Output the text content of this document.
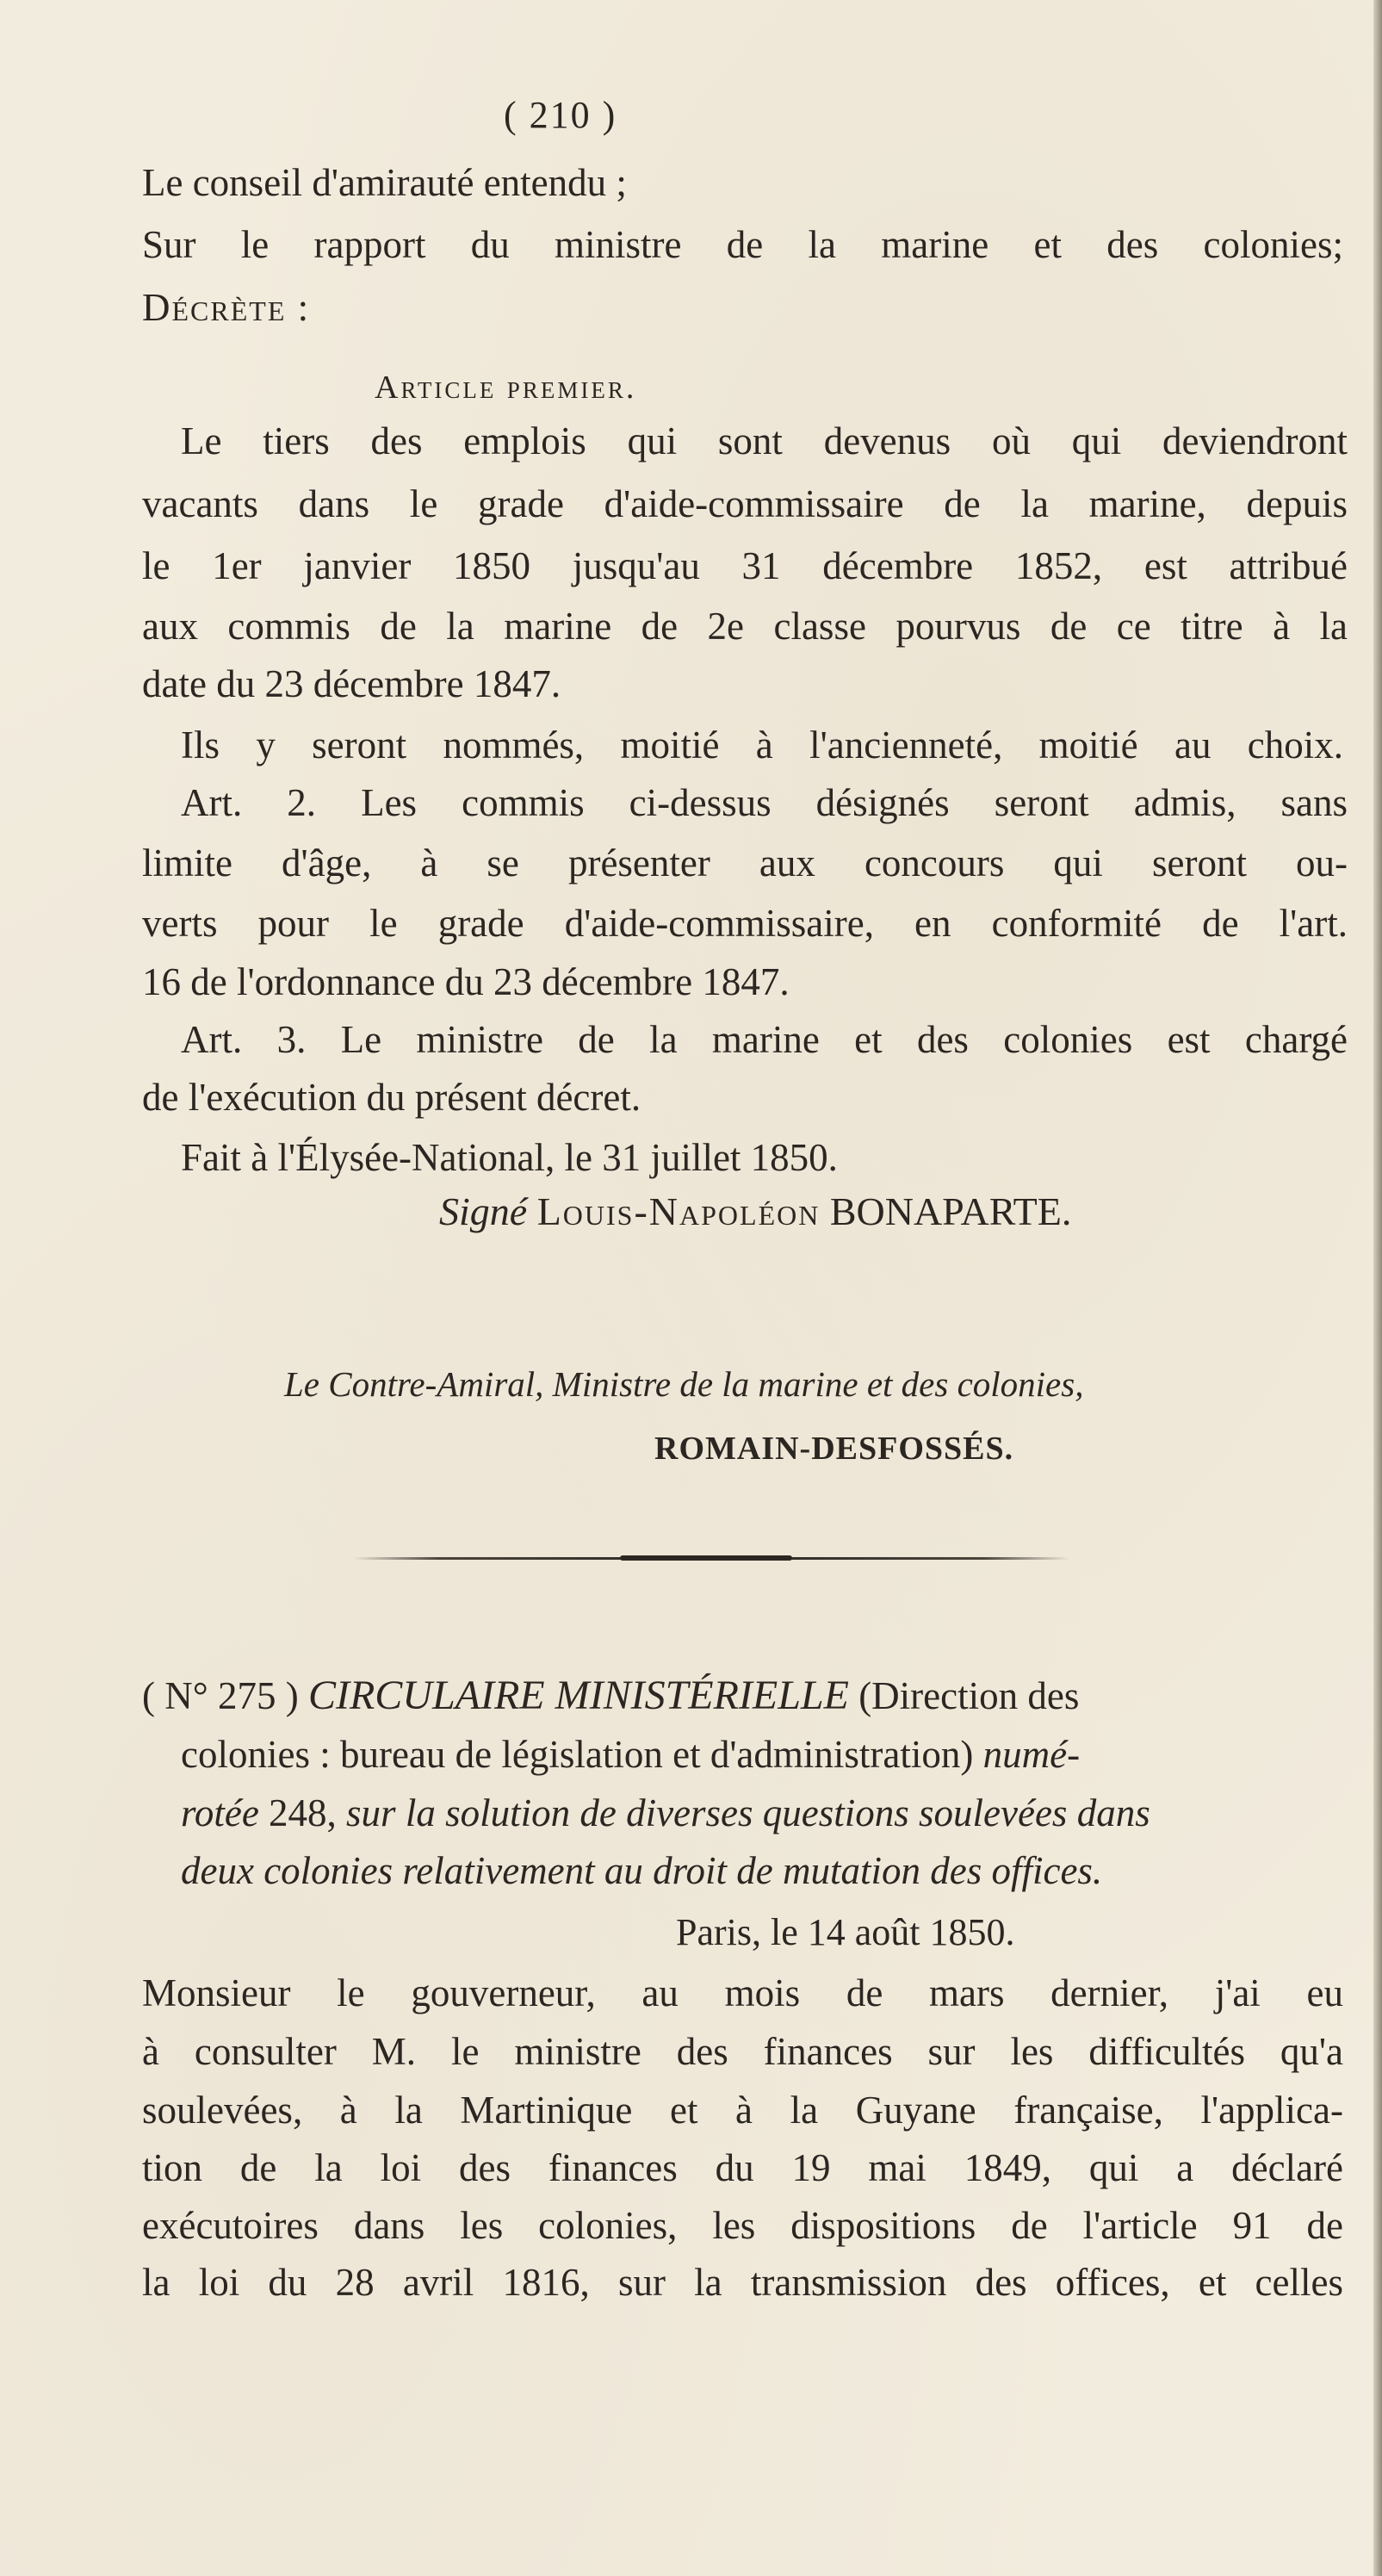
( 210 )
Le conseil d'amirauté entendu ;
Sur le rapport du ministre de la marine et des colonies;
Décrète :
Article premier.
Le tiers des emplois qui sont devenus où qui deviendront
vacants dans le grade d'aide-commissaire de la marine, depuis
le 1er janvier 1850 jusqu'au 31 décembre 1852, est attribué
aux commis de la marine de 2e classe pourvus de ce titre à la
date du 23 décembre 1847.
Ils y seront nommés, moitié à l'ancienneté, moitié au choix.
Art. 2. Les commis ci-dessus désignés seront admis, sans
limite d'âge, à se présenter aux concours qui seront ou-
verts pour le grade d'aide-commissaire, en conformité de l'art.
16 de l'ordonnance du 23 décembre 1847.
Art. 3. Le ministre de la marine et des colonies est chargé
de l'exécution du présent décret.
Fait à l'Élysée-National, le 31 juillet 1850.
Signé Louis-Napoléon BONAPARTE.
Le Contre-Amiral, Ministre de la marine et des colonies,
ROMAIN-DESFOSSÉS.
( N° 275 ) CIRCULAIRE MINISTÉRIELLE (Direction des
colonies : bureau de législation et d'administration) numé-
rotée 248, sur la solution de diverses questions soulevées dans
deux colonies relativement au droit de mutation des offices.
Paris, le 14 août 1850.
Monsieur le gouverneur, au mois de mars dernier, j'ai eu
à consulter M. le ministre des finances sur les difficultés qu'a
soulevées, à la Martinique et à la Guyane française, l'applica-
tion de la loi des finances du 19 mai 1849, qui a déclaré
exécutoires dans les colonies, les dispositions de l'article 91 de
la loi du 28 avril 1816, sur la transmission des offices, et celles
